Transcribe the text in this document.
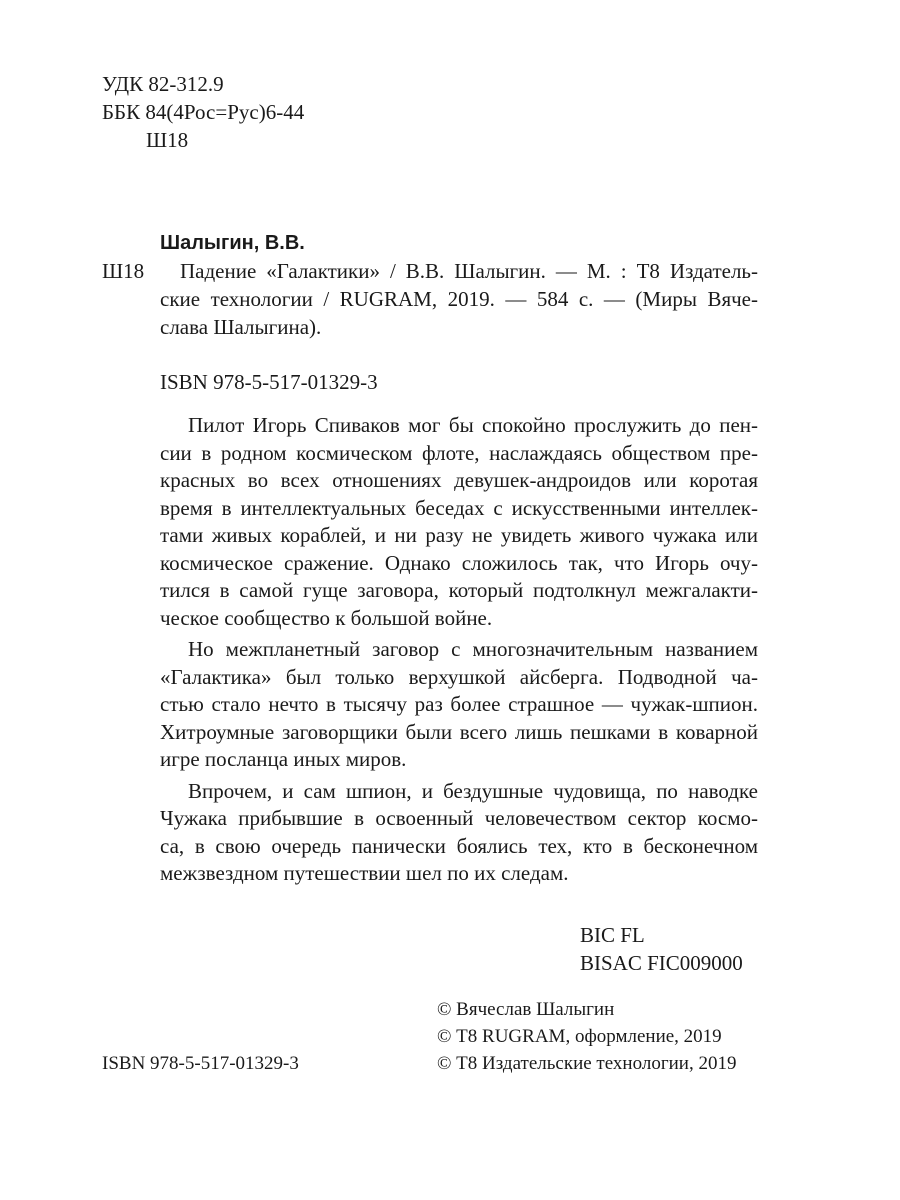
УДК 82-312.9
ББК 84(4Рос=Рус)6-44
Ш18
Шалыгин, В.В.
Ш18	Падение «Галактики» / В.В. Шалыгин. — М. : Т8 Издатель-
ские технологии / RUGRAM, 2019. — 584 с. — (Миры Вяче-
слава Шалыгина).
ISBN 978-5-517-01329-3
Пилот Игорь Спиваков мог бы спокойно прослужить до пен-
сии в родном космическом флоте, наслаждаясь обществом пре-
красных во всех отношениях девушек-андроидов или коротая
время в интеллектуальных беседах с искусственными интеллек-
тами живых кораблей, и ни разу не увидеть живого чужака или
космическое сражение. Однако сложилось так, что Игорь очу-
тился в самой гуще заговора, который подтолкнул межгалакти-
ческое сообщество к большой войне.
Но межпланетный заговор с многозначительным названием
«Галактика» был только верхушкой айсберга. Подводной ча-
стью стало нечто в тысячу раз более страшное — чужак-шпион.
Хитроумные заговорщики были всего лишь пешками в коварной
игре посланца иных миров.
Впрочем, и сам шпион, и бездушные чудовища, по наводке
Чужака прибывшие в освоенный человечеством сектор космо-
са, в свою очередь панически боялись тех, кто в бесконечном
межзвездном путешествии шел по их следам.
BIC FL
BISAC FIC009000
© Вячеслав Шалыгин
© Т8 RUGRAM, оформление, 2019
© Т8 Издательские технологии, 2019
ISBN 978-5-517-01329-3
